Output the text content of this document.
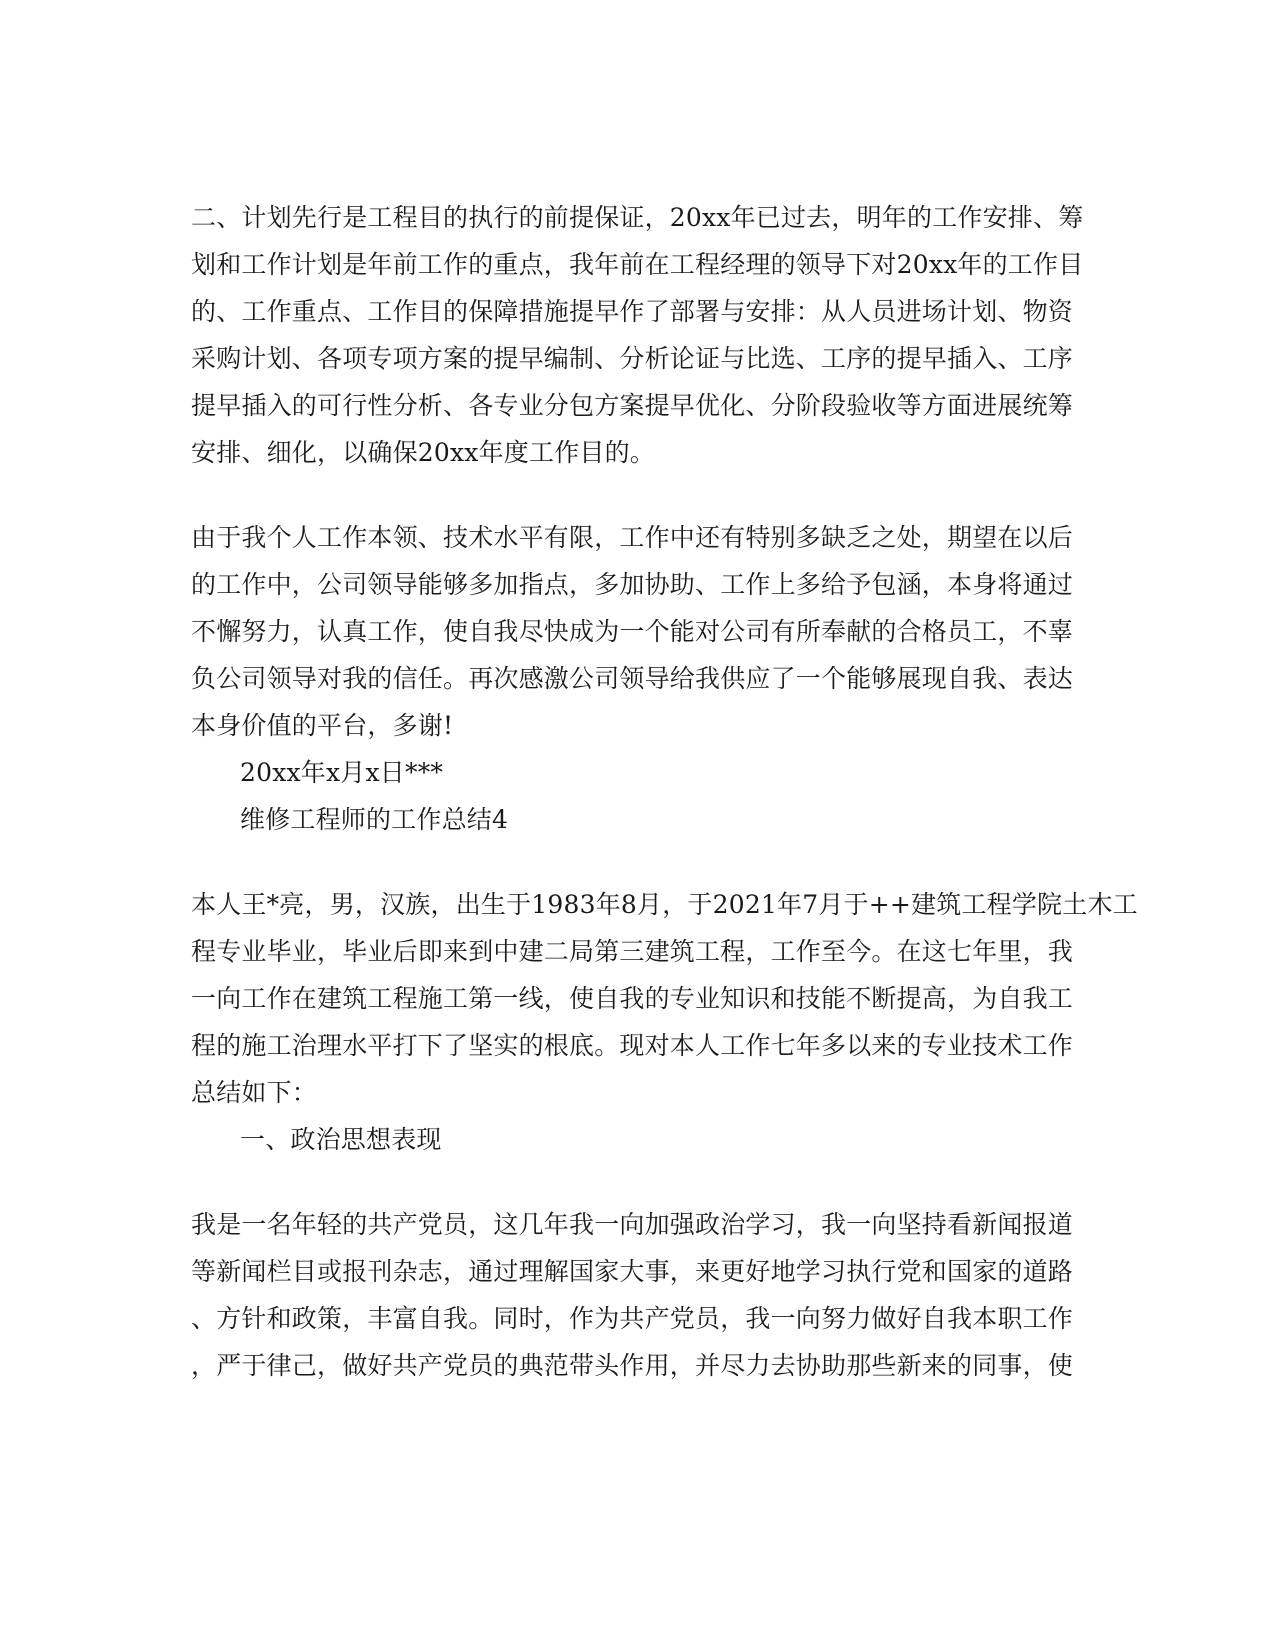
二、计划先行是工程目的执行的前提保证，20xx年已过去，明年的工作安排、筹
划和工作计划是年前工作的重点，我年前在工程经理的领导下对20xx年的工作目
的、工作重点、工作目的保障措施提早作了部署与安排：从人员进场计划、物资
采购计划、各项专项方案的提早编制、分析论证与比选、工序的提早插入、工序
提早插入的可行性分析、各专业分包方案提早优化、分阶段验收等方面进展统筹
安排、细化，以确保20xx年度工作目的。
由于我个人工作本领、技术水平有限，工作中还有特别多缺乏之处，期望在以后
的工作中，公司领导能够多加指点，多加协助、工作上多给予包涵，本身将通过
不懈努力，认真工作，使自我尽快成为一个能对公司有所奉献的合格员工，不辜
负公司领导对我的信任。再次感激公司领导给我供应了一个能够展现自我、表达
本身价值的平台，多谢!
20xx年x月x日***
维修工程师的工作总结4
本人王*亮，男，汉族，出生于1983年8月，于2021年7月于++建筑工程学院土木工
程专业毕业，毕业后即来到中建二局第三建筑工程，工作至今。在这七年里，我
一向工作在建筑工程施工第一线，使自我的专业知识和技能不断提高，为自我工
程的施工治理水平打下了坚实的根底。现对本人工作七年多以来的专业技术工作
总结如下：
一、政治思想表现
我是一名年轻的共产党员，这几年我一向加强政治学习，我一向坚持看新闻报道
等新闻栏目或报刊杂志，通过理解国家大事，来更好地学习执行党和国家的道路
、方针和政策，丰富自我。同时，作为共产党员，我一向努力做好自我本职工作
，严于律己，做好共产党员的典范带头作用，并尽力去协助那些新来的同事，使
